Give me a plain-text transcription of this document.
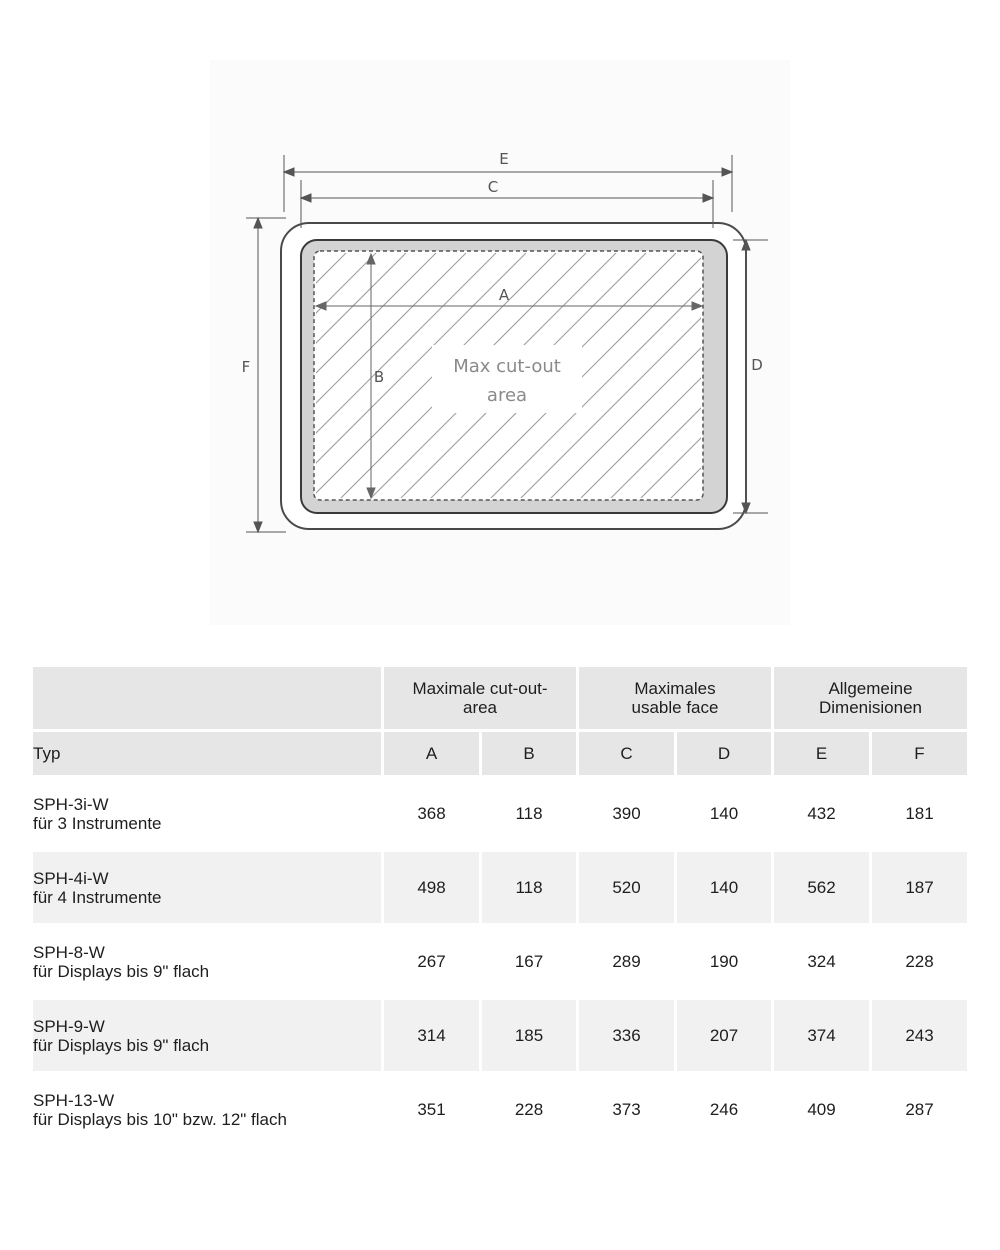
Max cut-out
area
E
C
A
B
D
F

	Maximale cut-out-area		Maximales usable face		Allgemeine Dimenisionen	

Typ	A	B	C	D	E	F
SPH-3i-W
für 3 Instrumente	368	118	390	140	432	181
SPH-4i-W
für 4 Instrumente	498	118	520	140	562	187
SPH-8-W
für Displays bis 9" flach	267	167	289	190	324	228
SPH-9-W
für Displays bis 9" flach	314	185	336	207	374	243
SPH-13-W
für Displays bis 10" bzw. 12" flach	351	228	373	246	409	287
